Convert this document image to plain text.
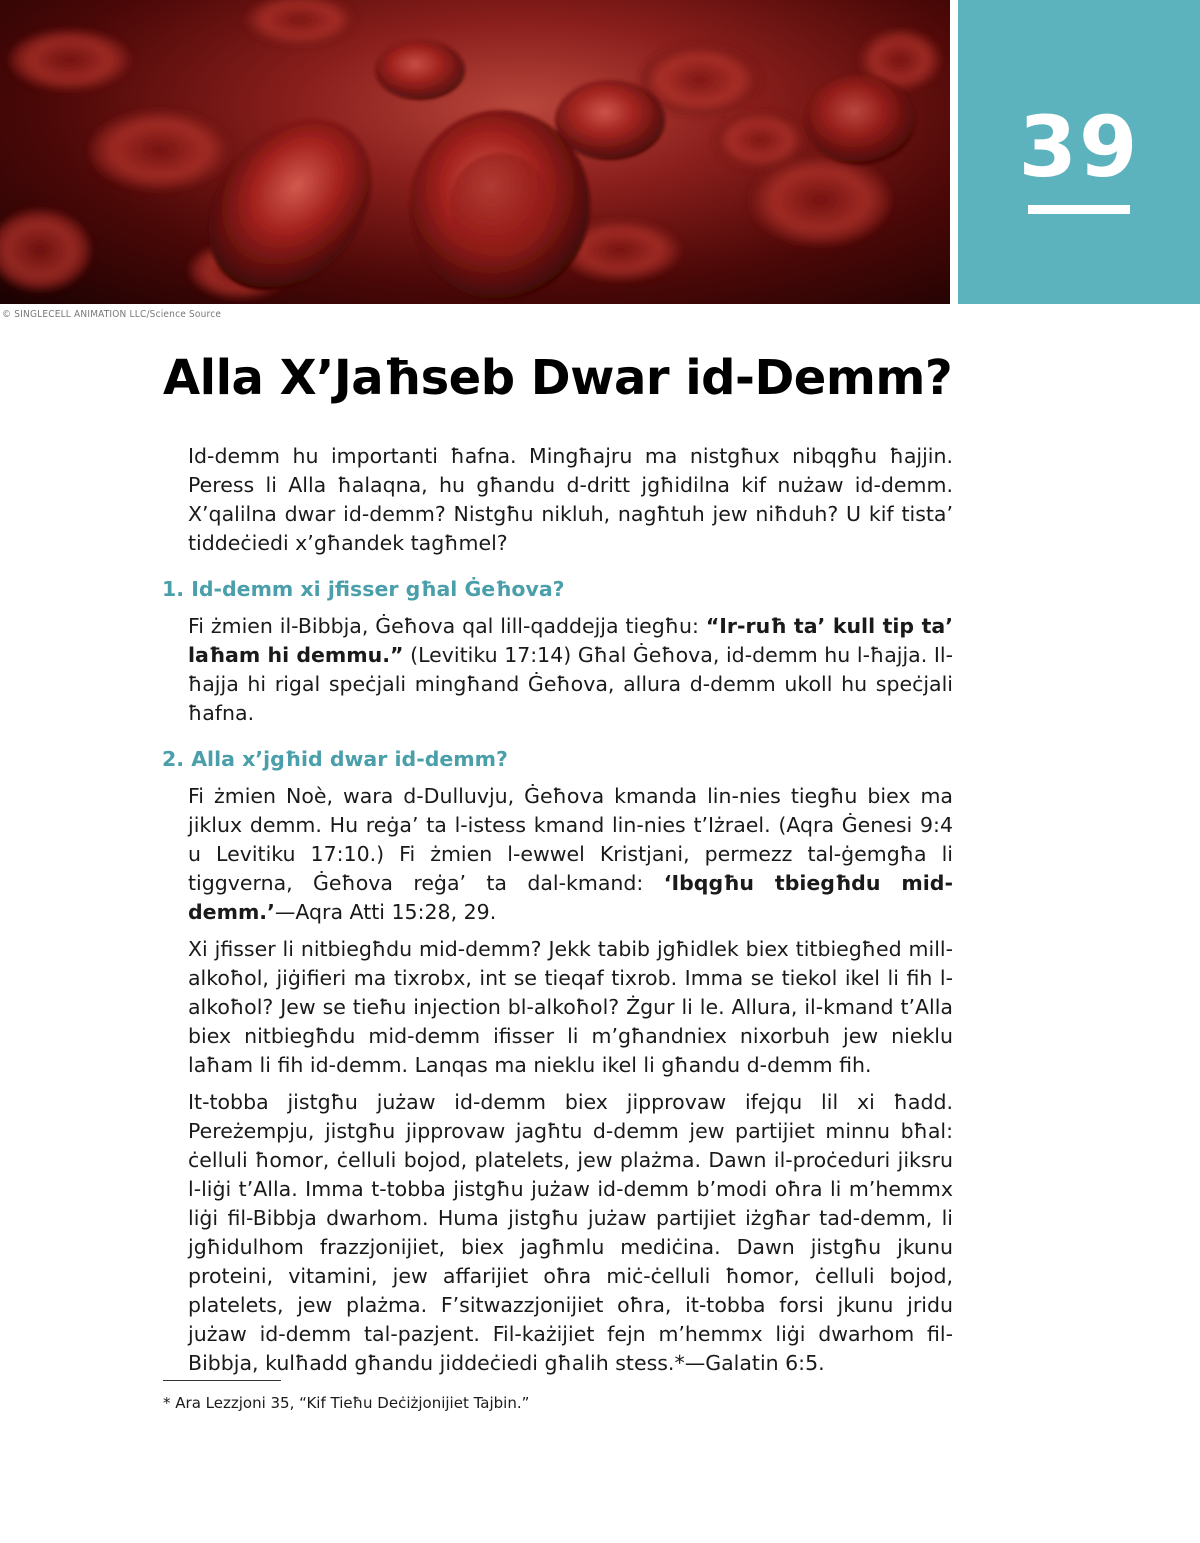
39
© SINGLECELL ANIMATION LLC/Science Source
Alla X’Jaħseb Dwar id-Demm?

Id-demm hu importanti ħafna. Mingħajru ma nistgħux nibqgħu ħajjin. Peress li Alla ħalaqna, hu għandu d-dritt jgħidilna kif nużaw id-demm. X’qalilna dwar id-demm? Nistgħu nikluh, nagħtuh jew niħduh? U kif tista’ tiddeċiedi x’għandek tagħmel?

1. Id-demm xi jfisser għal Ġeħova?

Fi żmien il-Bibbja, Ġeħova qal lill-qaddejja tiegħu: “Ir-ruħ ta’ kull tip ta’ laħam hi demmu.” (Levitiku 17:14) Għal Ġeħova, id-demm hu l-ħajja. Il-ħajja hi rigal speċjali mingħand Ġeħova, allura d-demm ukoll hu speċjali ħafna.

2. Alla x’jgħid dwar id-demm?

Fi żmien Noè, wara d-Dulluvju, Ġeħova kmanda lin-nies tiegħu biex ma jiklux demm. Hu reġa’ ta l-istess kmand lin-nies t’Iżrael. (Aqra Ġenesi 9:4 u Levitiku 17:10.) Fi żmien l-ewwel Kristjani, permezz tal-ġemgħa li tiggverna, Ġeħova reġa’ ta dal-kmand: ‘Ibqgħu tbiegħdu mid-demm.’—Aqra Atti 15:28, 29.

Xi jfisser li nitbiegħdu mid-demm? Jekk tabib jgħidlek biex titbiegħed mill-alkoħol, jiġifieri ma tixrobx, int se tieqaf tixrob. Imma se tiekol ikel li fih l-alkoħol? Jew se tieħu injection bl-alkoħol? Żgur li le. Allura, il-kmand t’Alla biex nitbiegħdu mid-demm ifisser li m’għandniex nixorbuh jew nieklu laħam li fih id-demm. Lanqas ma nieklu ikel li għandu d-demm fih.

It-tobba jistgħu jużaw id-demm biex jipprovaw ifejqu lil xi ħadd. Pereżempju, jistgħu jipprovaw jagħtu d-demm jew partijiet minnu bħal: ċelluli ħomor, ċelluli bojod, platelets, jew plażma. Dawn il-proċeduri jiksru l-liġi t’Alla. Imma t-tobba jistgħu jużaw id-demm b’modi oħra li m’hemmx liġi fil-Bibbja dwarhom. Huma jistgħu jużaw partijiet iżgħar tad-demm, li jgħidulhom frazzjonijiet, biex jagħmlu mediċina. Dawn jistgħu jkunu proteini, vitamini, jew affarijiet oħra miċ-ċelluli ħomor, ċelluli bojod, platelets, jew plażma. F’sitwazzjonijiet oħra, it-tobba forsi jkunu jridu jużaw id-demm tal-pazjent. Fil-każijiet fejn m’hemmx liġi dwarhom fil-Bibbja, kulħadd għandu jiddeċiedi għalih stess.*—Galatin 6:5.

* Ara Lezzjoni 35, “Kif Tieħu Deċiżjonijiet Tajbin.”
